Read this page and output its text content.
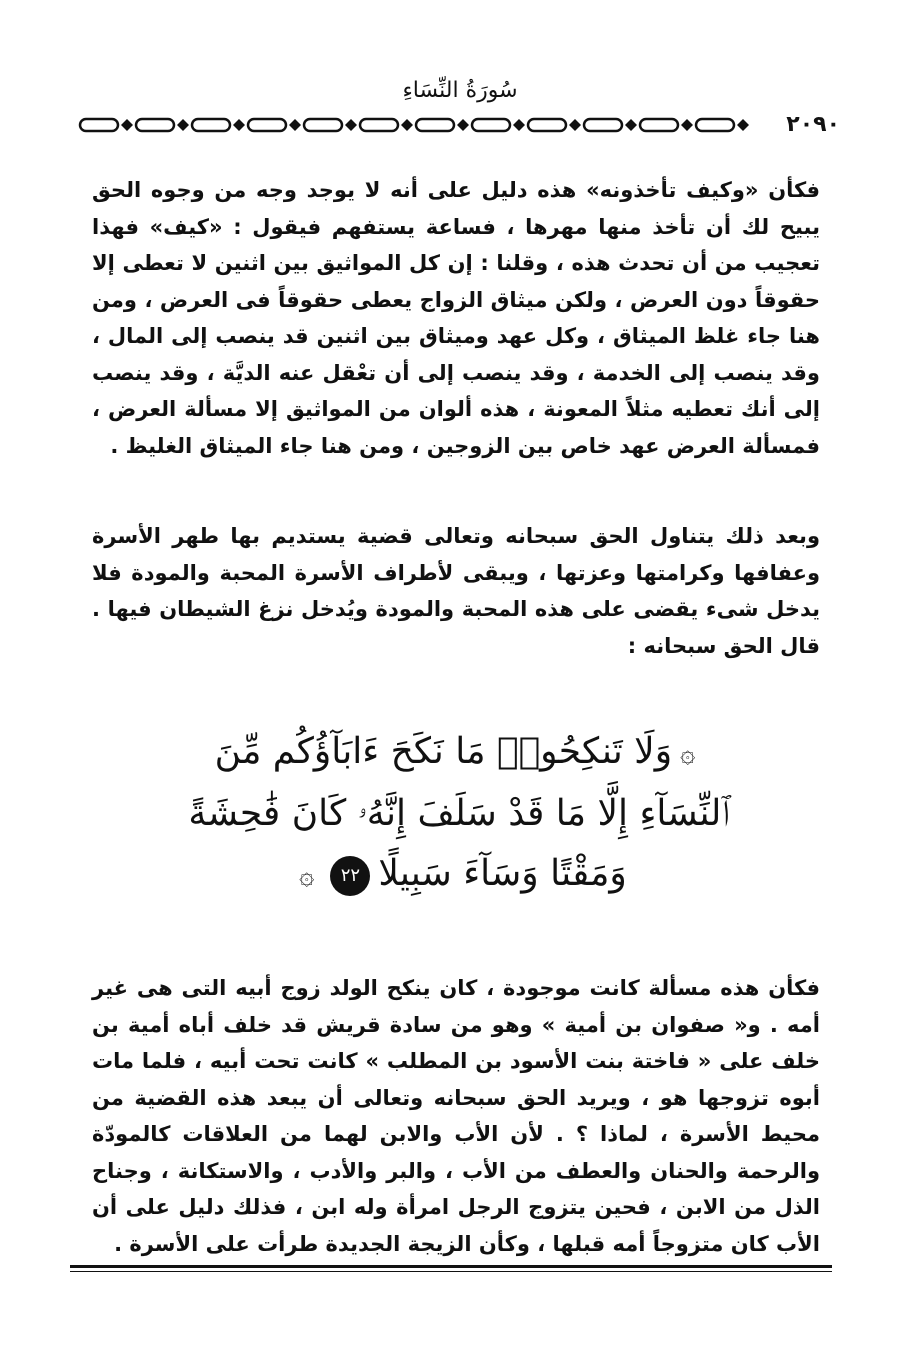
سُورَةُ النِّسَاءِ
٢٠٩٠
فكأن «وكيف تأخذونه» هذه دليل على أنه لا يوجد وجه من وجوه الحق يبيح لك أن تأخذ منها مهرها ، فساعة يستفهم فيقول : «كيف» فهذا تعجيب من أن تحدث هذه ، وقلنا : إن كل المواثيق بين اثنين لا تعطى إلا حقوقاً دون العرض ، ولكن ميثاق الزواج يعطى حقوقاً فى العرض ، ومن هنا جاء غلظ الميثاق ، وكل عهد وميثاق بين اثنين قد ينصب إلى المال ، وقد ينصب إلى الخدمة ، وقد ينصب إلى أن تعْقل عنه الديَّة ، وقد ينصب إلى أنك تعطيه مثلاً المعونة ، هذه ألوان من المواثيق إلا مسألة العرض ، فمسألة العرض عهد خاص بين الزوجين ، ومن هنا جاء الميثاق الغليظ .
وبعد ذلك يتناول الحق سبحانه وتعالى قضية يستديم بها طهر الأسرة وعفافها وكرامتها وعزتها ، ويبقى لأطراف الأسرة المحبة والمودة فلا يدخل شىء يقضى على هذه المحبة والمودة ويُدخل نزغ الشيطان فيها . قال الحق سبحانه :
۞وَلَا تَنكِحُوا۟ مَا نَكَحَ ءَابَآؤُكُم مِّنَ
ٱلنِّسَآءِ إِلَّا مَا قَدْ سَلَفَ إِنَّهُۥ كَانَ فَٰحِشَةً
وَمَقْتًا وَسَآءَ سَبِيلًا٢٢۞
فكأن هذه مسألة كانت موجودة ، كان ينكح الولد زوج أبيه التى هى غير أمه . و« صفوان بن أمية » وهو من سادة قريش قد خلف أباه أمية بن خلف على « فاختة بنت الأسود بن المطلب » كانت تحت أبيه ، فلما مات أبوه تزوجها هو ، ويريد الحق سبحانه وتعالى أن يبعد هذه القضية من محيط الأسرة ، لماذا ؟ . لأن الأب والابن لهما من العلاقات كالمودّة والرحمة والحنان والعطف من الأب ، والبر والأدب ، والاستكانة ، وجناح الذل من الابن ، فحين يتزوج الرجل امرأة وله ابن ، فذلك دليل على أن الأب كان متزوجاً أمه قبلها ، وكأن الزيجة الجديدة طرأت على الأسرة .
